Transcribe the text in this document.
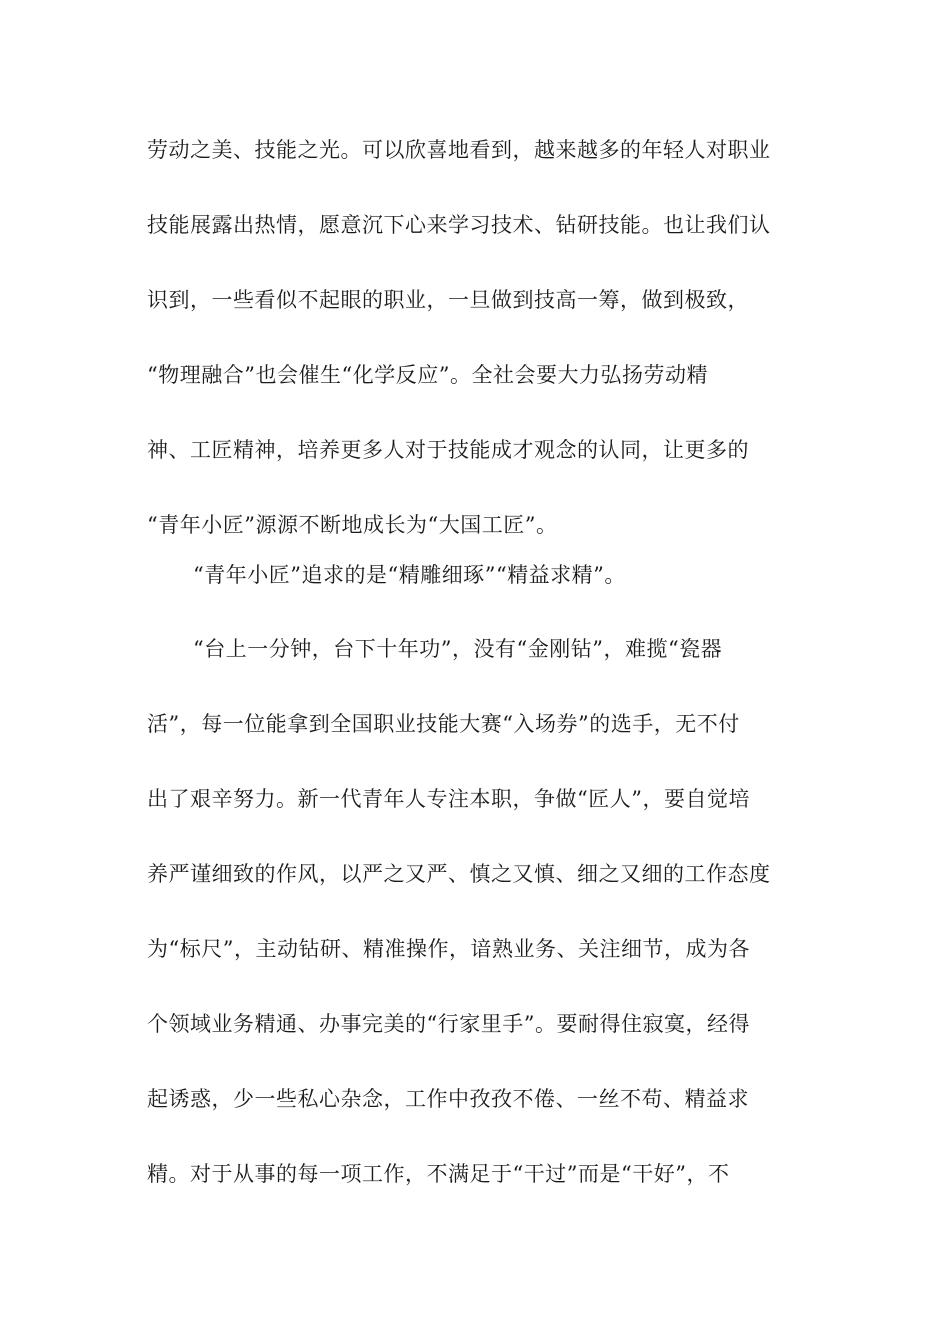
劳动之美、技能之光。可以欣喜地看到，越来越多的年轻人对职业
技能展露出热情，愿意沉下心来学习技术、钻研技能。也让我们认
识到，一些看似不起眼的职业，一旦做到技高一筹，做到极致，
“物理融合”也会催生“化学反应”。全社会要大力弘扬劳动精
神、工匠精神，培养更多人对于技能成才观念的认同，让更多的
“青年小匠”源源不断地成长为“大国工匠”。
“青年小匠”追求的是“精雕细琢”“精益求精”。
“台上一分钟，台下十年功”，没有“金刚钻”，难揽“瓷器
活”，每一位能拿到全国职业技能大赛“入场券”的选手，无不付
出了艰辛努力。新一代青年人专注本职，争做“匠人”，要自觉培
养严谨细致的作风，以严之又严、慎之又慎、细之又细的工作态度
为“标尺”，主动钻研、精准操作，谙熟业务、关注细节，成为各
个领域业务精通、办事完美的“行家里手”。要耐得住寂寞，经得
起诱惑，少一些私心杂念，工作中孜孜不倦、一丝不苟、精益求
精。对于从事的每一项工作，不满足于“干过”而是“干好”，不
